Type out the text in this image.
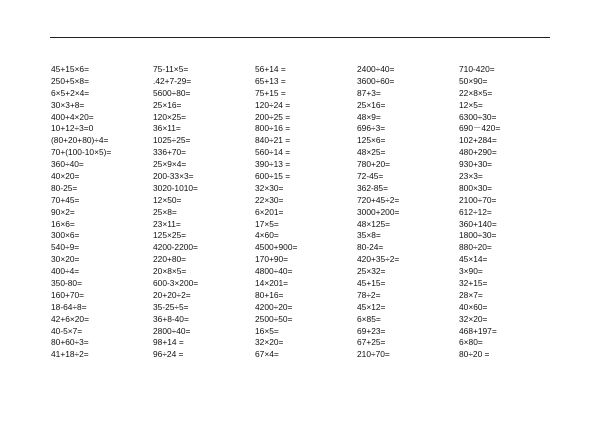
45+15×6=
250+5×8=
6×5+2×4=
30×3+8=
400+4×20=
10+12÷3=0
(80+20+80)÷4=
70+(100-10×5)=
360÷40=
40×20=
80-25=
70+45=
90×2=
16×6=
300×6=
540÷9=
30×20=
400÷4=
350-80=
160+70=
18-64÷8=
42+6×20=
40-5×7=
80+60÷3=
41+18÷2=
75-11×5=
.42+7-29=
5600÷80=
25×16=
120×25=
36×11=
1025÷25=
336+70=
25×9×4=
200-33×3=
3020-1010=
12×50=
25×8=
23×11=
125×25=
4200-2200=
220+80=
20×8×5=
600-3×200=
20+20÷2=
35-25÷5=
36+8-40=
2800÷40=
98+14 =
96÷24 =
56+14 =
65+13 =
75+15 =
120÷24 =
200÷25 =
800÷16 =
840÷21 =
560÷14 =
390÷13 =
600÷15 =
32×30=
22×30=
6×201=
17×5=
4×60=
4500+900=
170+90=
4800÷40=
14×201=
80+16=
4200÷20=
2500÷50=
16×5=
32×20=
67×4=
2400÷40=
3600÷60=
87+3=
25×16=
48×9=
696÷3=
125×6=
48×25=
780+20=
72-45=
362-85=
720+45÷2=
3000+200=
48×125=
35×8=
80-24=
420+35÷2=
25×32=
45+15=
78÷2=
45×12=
6×85=
69+23=
67+25=
210÷70=
710-420=
50×90=
22×8×5=
12×5=
6300÷30=
690－420=
102+284=
480+290=
930+30=
23×3=
800×30=
2100÷70=
612÷12=
360+140=
1800÷30=
880÷20=
45×14=
3×90=
32+15=
28×7=
40×60=
32×20=
468+197=
6×80=
80÷20 =
